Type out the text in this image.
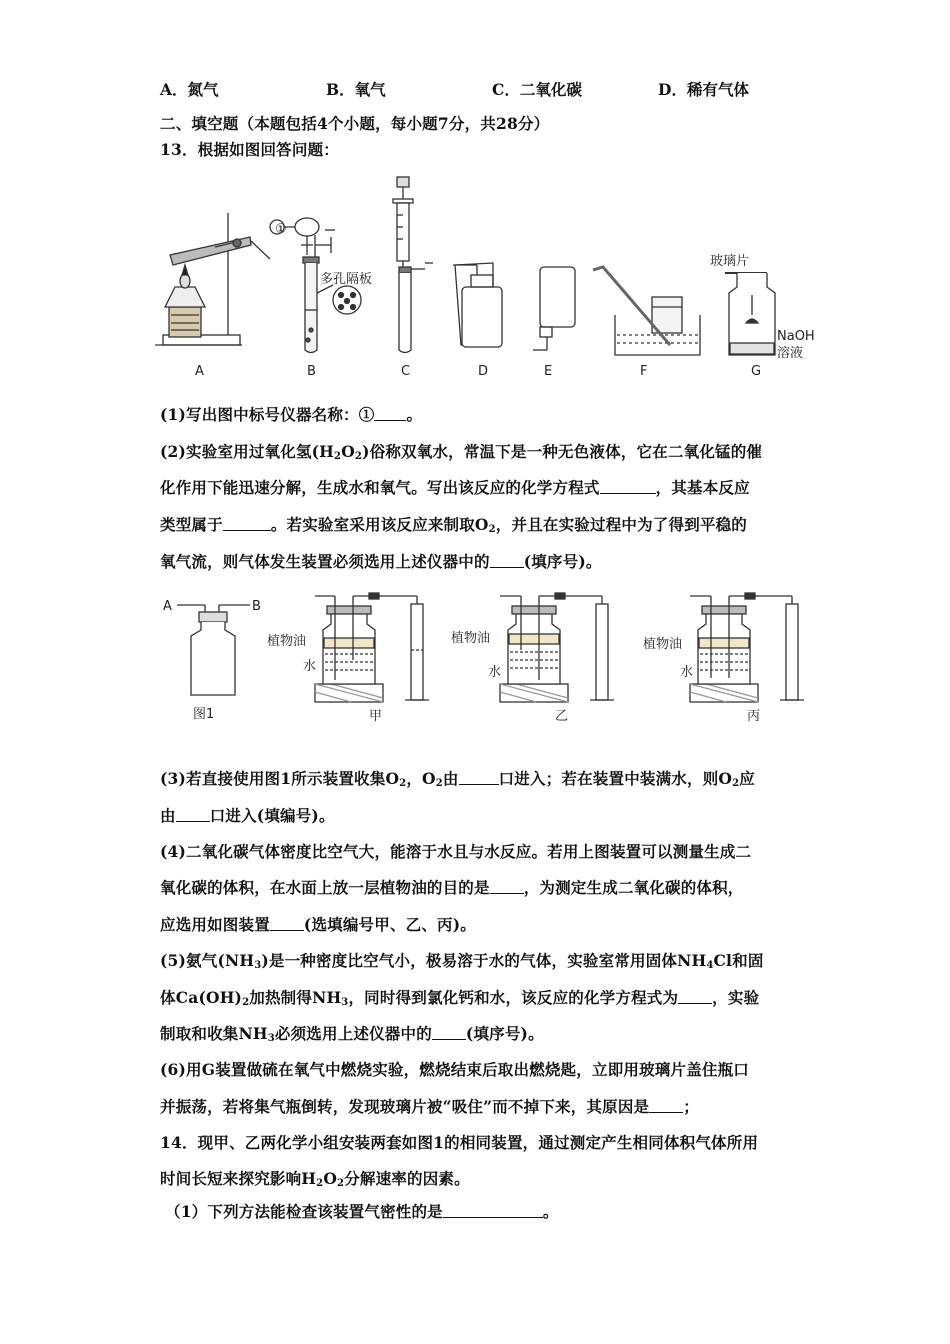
A．氮气	B．氧气	C．二氧化碳	D．稀有气体
二、填空题（本题包括4个小题，每小题7分，共28分）
13．根据如图回答问题：
①
多孔隔板
玻璃片
NaOH
溶液
A	B	C	D	E	F	G
(1)写出图中标号仪器名称：① 。
(2)实验室用过氧化氢$(H_2O_2)$俗称双氧水，常温下是一种无色液体，它在二氧化锰的催
化作用下能迅速分解，生成水和氧气。写出该反应的化学方程式	，其基本反应
类型属于	。若实验室采用该反应来制取$O_2$，并且在实验过程中为了得到平稳的
氧气流，则气体发生装置必须选用上述仪器中的 (填序号)。
A	B
图1
植物油
水
甲
植物油
水
乙
植物油
水
丙
(3)若直接使用图1所示装置收集$O_2$，$O_2$由	口进入；若在装置中装满水，则$O_2$应
由 口进入(填编号)。
(4)二氧化碳气体密度比空气大，能溶于水且与水反应。若用上图装置可以测量生成二
氧化碳的体积，在水面上放一层植物油的目的是 ，为测定生成二氧化碳的体积，
应选用如图装置 (选填编号甲、乙、丙)。
(5)氨气$(NH_3)$是一种密度比空气小，极易溶于水的气体，实验室常用固体$NH_4Cl$和固
体$Ca(OH)_2$加热制得$NH_3$，同时得到氯化钙和水，该反应的化学方程式为 ，实验
制取和收集$NH_3$必须选用上述仪器中的 (填序号)。
(6)用G装置做硫在氧气中燃烧实验，燃烧结束后取出燃烧匙，立即用玻璃片盖住瓶口
并振荡，若将集气瓶倒转，发现玻璃片被“吸住”而不掉下来，其原因是 ；
14．现甲、乙两化学小组安装两套如图1的相同装置，通过测定产生相同体积气体所用
时间长短来探究影响$H_2O_2$分解速率的因素。
（1）下列方法能检查该装置气密性的是	。
